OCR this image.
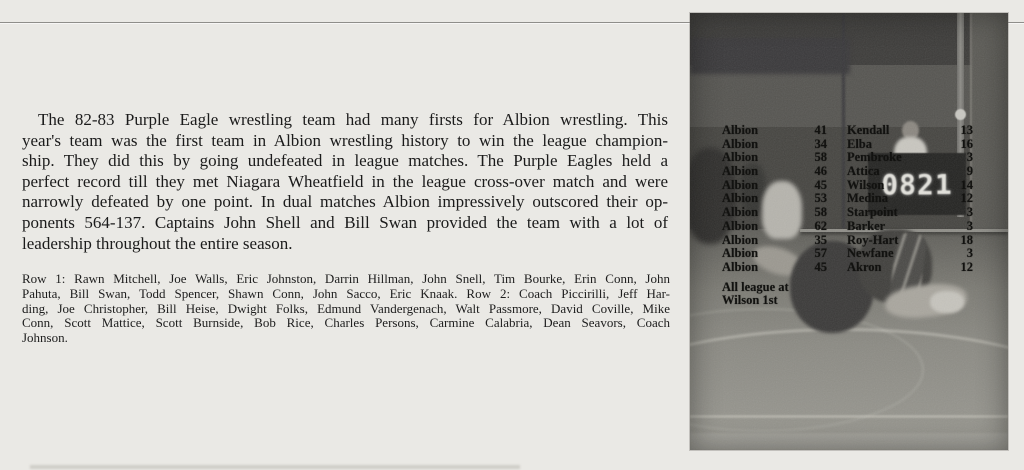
The 82-83 Purple Eagle wrestling team had many firsts for Albion wrestling. This
year's team was the first team in Albion wrestling history to win the league champion-
ship. They did this by going undefeated in league matches. The Purple Eagles held a
perfect record till they met Niagara Wheatfield in the league cross-over match and were
narrowly defeated by one point. In dual matches Albion impressively outscored their op-
ponents 564-137. Captains John Shell and Bill Swan provided the team with a lot of
leadership throughout the entire season.
Row 1: Rawn Mitchell, Joe Walls, Eric Johnston, Darrin Hillman, John Snell, Tim Bourke, Erin Conn, John
Pahuta, Bill Swan, Todd Spencer, Shawn Conn, John Sacco, Eric Knaak. Row 2: Coach Piccirilli, Jeff Har-
ding, Joe Christopher, Bill Heise, Dwight Folks, Edmund Vandergenach, Walt Passmore, David Coville, Mike
Conn, Scott Mattice, Scott Burnside, Bob Rice, Charles Persons, Carmine Calabria, Dean Seavors, Coach
Johnson.
0821
Albion	41 Kendall	13
Albion	34 Elba	16
Albion	58 Pembroke	3
Albion	46 Attica	9
Albion	45 Wilson	14
Albion	53 Medina	12
Albion	58 Starpoint	3
Albion	62 Barker	3
Albion	35 Roy-Hart	18
Albion	57 Newfane	3
Albion	45 Akron	12
All league at
Wilson 1st
